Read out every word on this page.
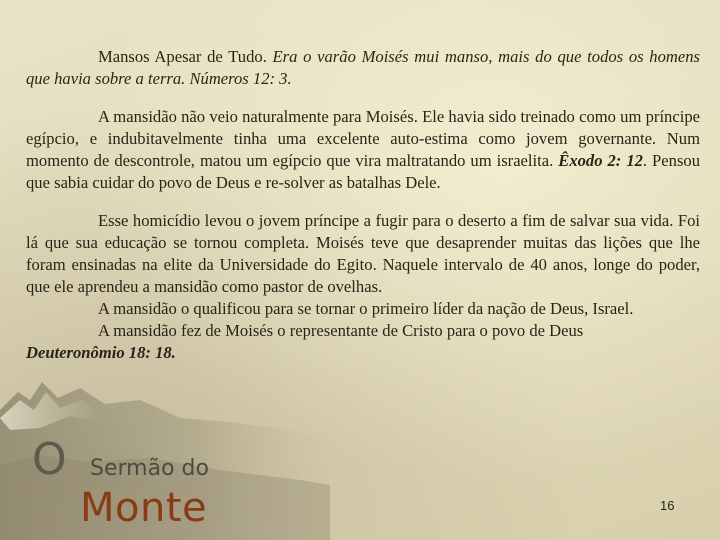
Mansos Apesar de Tudo. Era o varão Moisés mui manso, mais do que todos os homens que havia sobre a terra. Números 12: 3.

A mansidão não veio naturalmente para Moisés. Ele havia sido treinado como um príncipe egípcio, e indubitavelmente tinha uma excelente auto-estima como jovem governante. Num momento de descontrole, matou um egípcio que vira maltratando um israelita. Êxodo 2: 12. Pensou que sabia cuidar do povo de Deus e re-solver as batalhas Dele.

Esse homicídio levou o jovem príncipe a fugir para o deserto a fim de salvar sua vida. Foi lá que sua educação se tornou completa. Moisés teve que desaprender muitas das lições que lhe foram ensinadas na elite da Universidade do Egito. Naquele intervalo de 40 anos, longe do poder, que ele aprendeu a mansidão como pastor de ovelhas.

A mansidão o qualificou para se tornar o primeiro líder da nação de Deus, Israel.

A mansidão fez de Moisés o representante de Cristo para o povo de Deus

Deuteronômio 18: 18.

O Sermão do
Monte	16
